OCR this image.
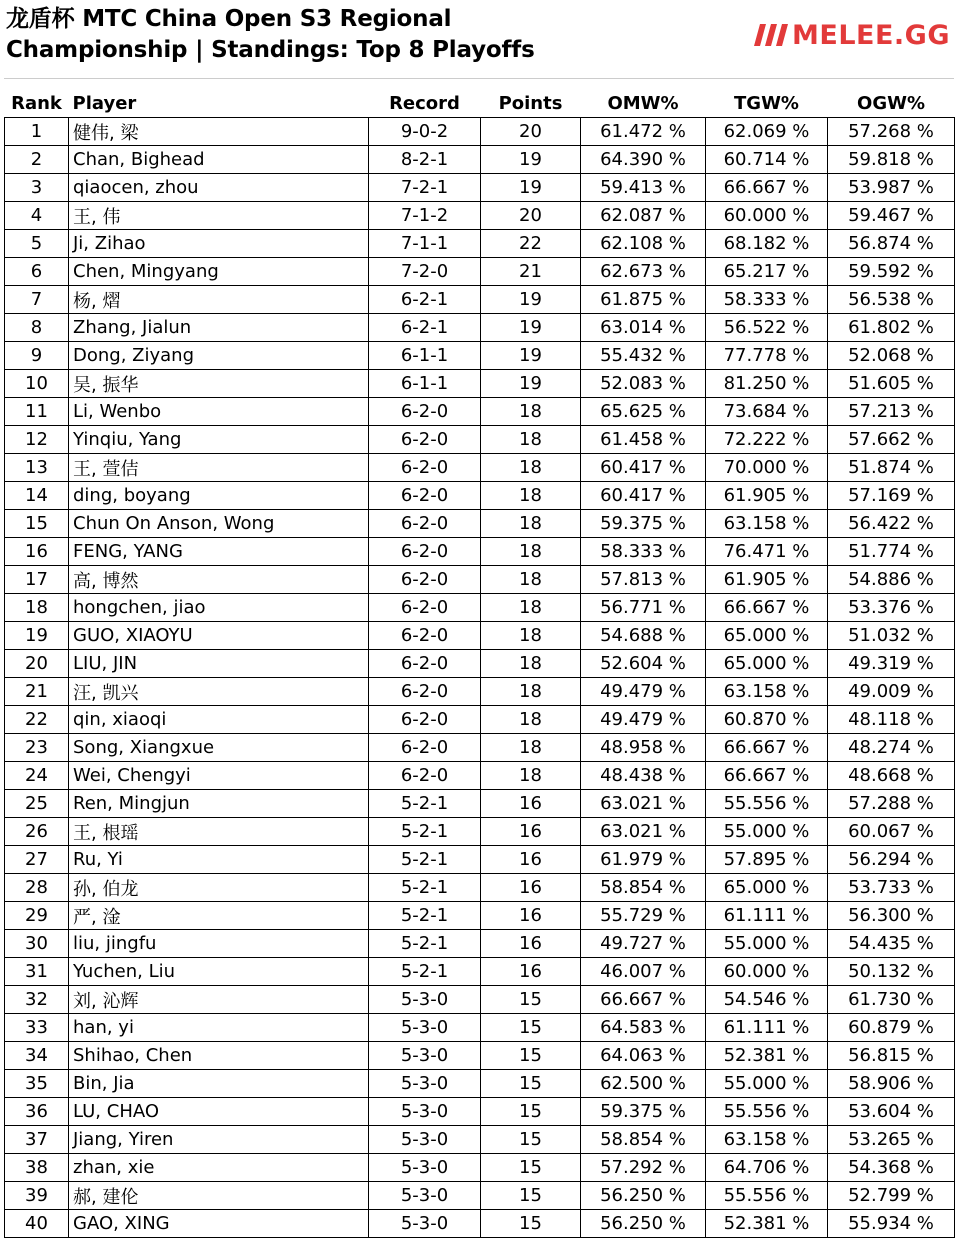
龙盾杯 MTC China Open S3 Regional
Championship | Standings: Top 8 Playoffs	MELEE.GG
Rank	Player	Record	Points	OMW%	TGW%	OGW%
1	健伟, 梁	9-0-2	20	61.472 %	62.069 %	57.268 %
2	Chan, Bighead	8-2-1	19	64.390 %	60.714 %	59.818 %
3	qiaocen, zhou	7-2-1	19	59.413 %	66.667 %	53.987 %
4	王, 伟	7-1-2	20	62.087 %	60.000 %	59.467 %
5	Ji, Zihao	7-1-1	22	62.108 %	68.182 %	56.874 %
6	Chen, Mingyang	7-2-0	21	62.673 %	65.217 %	59.592 %
7	杨, 熠	6-2-1	19	61.875 %	58.333 %	56.538 %
8	Zhang, Jialun	6-2-1	19	63.014 %	56.522 %	61.802 %
9	Dong, Ziyang	6-1-1	19	55.432 %	77.778 %	52.068 %
10	吴, 振华	6-1-1	19	52.083 %	81.250 %	51.605 %
11	Li, Wenbo	6-2-0	18	65.625 %	73.684 %	57.213 %
12	Yinqiu, Yang	6-2-0	18	61.458 %	72.222 %	57.662 %
13	王, 萱佶	6-2-0	18	60.417 %	70.000 %	51.874 %
14	ding, boyang	6-2-0	18	60.417 %	61.905 %	57.169 %
15	Chun On Anson, Wong	6-2-0	18	59.375 %	63.158 %	56.422 %
16	FENG, YANG	6-2-0	18	58.333 %	76.471 %	51.774 %
17	高, 博然	6-2-0	18	57.813 %	61.905 %	54.886 %
18	hongchen, jiao	6-2-0	18	56.771 %	66.667 %	53.376 %
19	GUO, XIAOYU	6-2-0	18	54.688 %	65.000 %	51.032 %
20	LIU, JIN	6-2-0	18	52.604 %	65.000 %	49.319 %
21	汪, 凯兴	6-2-0	18	49.479 %	63.158 %	49.009 %
22	qin, xiaoqi	6-2-0	18	49.479 %	60.870 %	48.118 %
23	Song, Xiangxue	6-2-0	18	48.958 %	66.667 %	48.274 %
24	Wei, Chengyi	6-2-0	18	48.438 %	66.667 %	48.668 %
25	Ren, Mingjun	5-2-1	16	63.021 %	55.556 %	57.288 %
26	王, 根瑶	5-2-1	16	63.021 %	55.000 %	60.067 %
27	Ru, Yi	5-2-1	16	61.979 %	57.895 %	56.294 %
28	孙, 伯龙	5-2-1	16	58.854 %	65.000 %	53.733 %
29	严, 淦	5-2-1	16	55.729 %	61.111 %	56.300 %
30	liu, jingfu	5-2-1	16	49.727 %	55.000 %	54.435 %
31	Yuchen, Liu	5-2-1	16	46.007 %	60.000 %	50.132 %
32	刘, 沁辉	5-3-0	15	66.667 %	54.546 %	61.730 %
33	han, yi	5-3-0	15	64.583 %	61.111 %	60.879 %
34	Shihao, Chen	5-3-0	15	64.063 %	52.381 %	56.815 %
35	Bin, Jia	5-3-0	15	62.500 %	55.000 %	58.906 %
36	LU, CHAO	5-3-0	15	59.375 %	55.556 %	53.604 %
37	Jiang, Yiren	5-3-0	15	58.854 %	63.158 %	53.265 %
38	zhan, xie	5-3-0	15	57.292 %	64.706 %	54.368 %
39	郝, 建伦	5-3-0	15	56.250 %	55.556 %	52.799 %
40	GAO, XING	5-3-0	15	56.250 %	52.381 %	55.934 %
